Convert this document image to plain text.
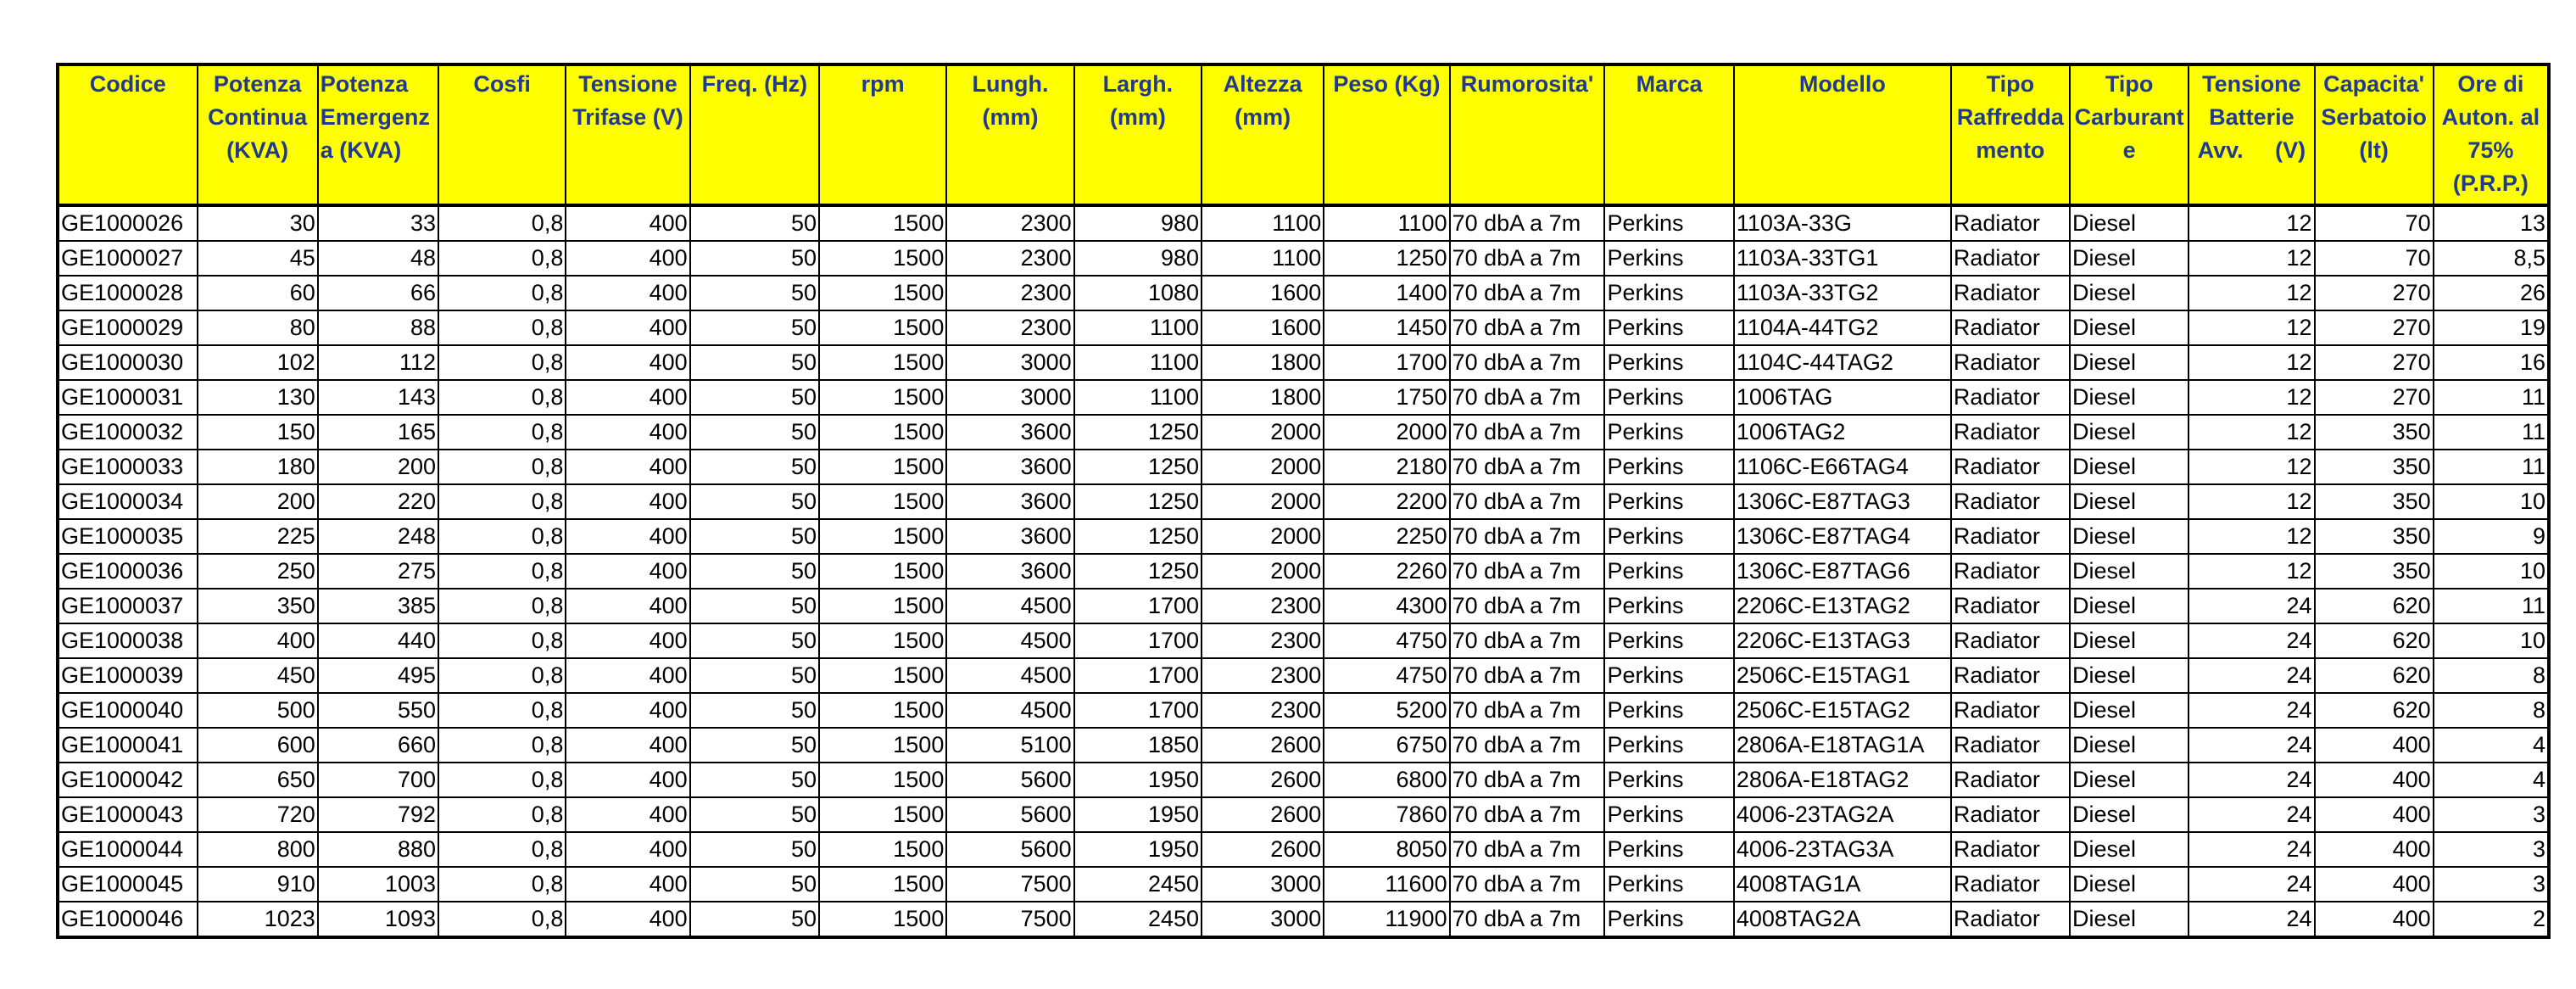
Codice	Potenza
Continua
(KVA)	Potenza
Emergenz
a (KVA)	Cosfi	Tensione
Trifase (V)	Freq. (Hz)	rpm	Lungh.
(mm)	Largh.
(mm)	Altezza
(mm)	Peso (Kg)	Rumorosita'	Marca	Modello	Tipo
Raffredda
mento	Tipo
Carburant
e	Tensione
Batterie
Avv.     (V)	Capacita'
Serbatoio
(lt)	Ore di
Auton. al
75%
(P.R.P.)
GE1000026	30	33	0,8	400	50	1500	2300	980	1100	1100	70 dbA a 7m	Perkins	1103A-33G	Radiator	Diesel	12	70	13
GE1000027	45	48	0,8	400	50	1500	2300	980	1100	1250	70 dbA a 7m	Perkins	1103A-33TG1	Radiator	Diesel	12	70	8,5
GE1000028	60	66	0,8	400	50	1500	2300	1080	1600	1400	70 dbA a 7m	Perkins	1103A-33TG2	Radiator	Diesel	12	270	26
GE1000029	80	88	0,8	400	50	1500	2300	1100	1600	1450	70 dbA a 7m	Perkins	1104A-44TG2	Radiator	Diesel	12	270	19
GE1000030	102	112	0,8	400	50	1500	3000	1100	1800	1700	70 dbA a 7m	Perkins	1104C-44TAG2	Radiator	Diesel	12	270	16
GE1000031	130	143	0,8	400	50	1500	3000	1100	1800	1750	70 dbA a 7m	Perkins	1006TAG	Radiator	Diesel	12	270	11
GE1000032	150	165	0,8	400	50	1500	3600	1250	2000	2000	70 dbA a 7m	Perkins	1006TAG2	Radiator	Diesel	12	350	11
GE1000033	180	200	0,8	400	50	1500	3600	1250	2000	2180	70 dbA a 7m	Perkins	1106C-E66TAG4	Radiator	Diesel	12	350	11
GE1000034	200	220	0,8	400	50	1500	3600	1250	2000	2200	70 dbA a 7m	Perkins	1306C-E87TAG3	Radiator	Diesel	12	350	10
GE1000035	225	248	0,8	400	50	1500	3600	1250	2000	2250	70 dbA a 7m	Perkins	1306C-E87TAG4	Radiator	Diesel	12	350	9
GE1000036	250	275	0,8	400	50	1500	3600	1250	2000	2260	70 dbA a 7m	Perkins	1306C-E87TAG6	Radiator	Diesel	12	350	10
GE1000037	350	385	0,8	400	50	1500	4500	1700	2300	4300	70 dbA a 7m	Perkins	2206C-E13TAG2	Radiator	Diesel	24	620	11
GE1000038	400	440	0,8	400	50	1500	4500	1700	2300	4750	70 dbA a 7m	Perkins	2206C-E13TAG3	Radiator	Diesel	24	620	10
GE1000039	450	495	0,8	400	50	1500	4500	1700	2300	4750	70 dbA a 7m	Perkins	2506C-E15TAG1	Radiator	Diesel	24	620	8
GE1000040	500	550	0,8	400	50	1500	4500	1700	2300	5200	70 dbA a 7m	Perkins	2506C-E15TAG2	Radiator	Diesel	24	620	8
GE1000041	600	660	0,8	400	50	1500	5100	1850	2600	6750	70 dbA a 7m	Perkins	2806A-E18TAG1A	Radiator	Diesel	24	400	4
GE1000042	650	700	0,8	400	50	1500	5600	1950	2600	6800	70 dbA a 7m	Perkins	2806A-E18TAG2	Radiator	Diesel	24	400	4
GE1000043	720	792	0,8	400	50	1500	5600	1950	2600	7860	70 dbA a 7m	Perkins	4006-23TAG2A	Radiator	Diesel	24	400	3
GE1000044	800	880	0,8	400	50	1500	5600	1950	2600	8050	70 dbA a 7m	Perkins	4006-23TAG3A	Radiator	Diesel	24	400	3
GE1000045	910	1003	0,8	400	50	1500	7500	2450	3000	11600	70 dbA a 7m	Perkins	4008TAG1A	Radiator	Diesel	24	400	3
GE1000046	1023	1093	0,8	400	50	1500	7500	2450	3000	11900	70 dbA a 7m	Perkins	4008TAG2A	Radiator	Diesel	24	400	2
